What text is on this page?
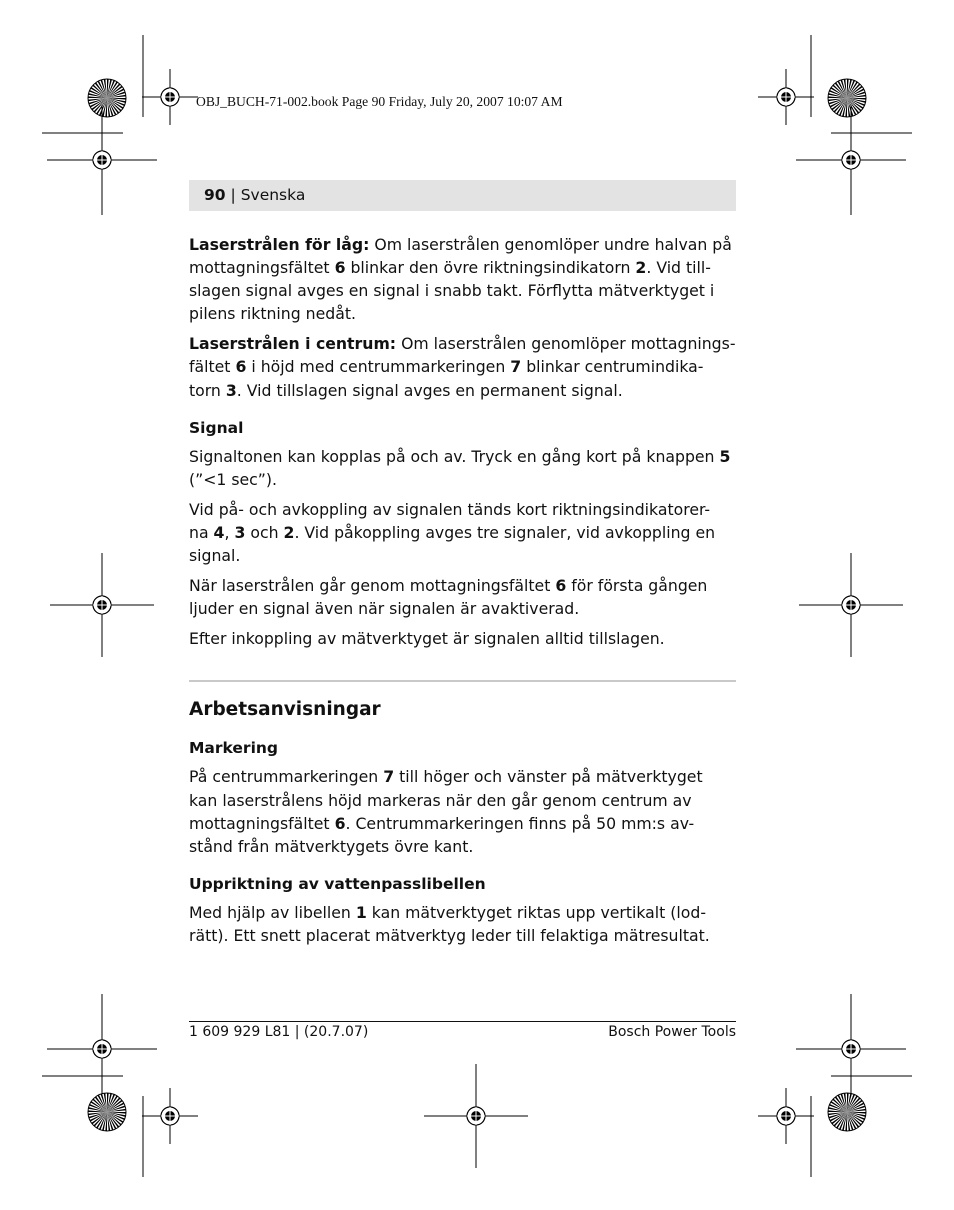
OBJ_BUCH-71-002.book Page 90 Friday, July 20, 2007 10:07 AM
90 | Svenska

Laserstrålen för låg: Om laserstrålen genomlöper undre halvan på
mottagningsfältet 6 blinkar den övre riktningsindikatorn 2. Vid till-
slagen signal avges en signal i snabb takt. Förflytta mätverktyget i
pilens riktning nedåt.

Laserstrålen i centrum: Om laserstrålen genomlöper mottagnings-
fältet 6 i höjd med centrummarkeringen 7 blinkar centrumindika-
torn 3. Vid tillslagen signal avges en permanent signal.

Signal

Signaltonen kan kopplas på och av. Tryck en gång kort på knappen 5
(”<1 sec”).

Vid på- och avkoppling av signalen tänds kort riktningsindikatorer-
na 4, 3 och 2. Vid påkoppling avges tre signaler, vid avkoppling en
signal.

När laserstrålen går genom mottagningsfältet 6 för första gången
ljuder en signal även när signalen är avaktiverad.

Efter inkoppling av mätverktyget är signalen alltid tillslagen.

Arbetsanvisningar
Markering

På centrummarkeringen 7 till höger och vänster på mätverktyget
kan laserstrålens höjd markeras när den går genom centrum av
mottagningsfältet 6. Centrummarkeringen finns på 50 mm:s av-
stånd från mätverktygets övre kant.

Uppriktning av vattenpasslibellen

Med hjälp av libellen 1 kan mätverktyget riktas upp vertikalt (lod-
rätt). Ett snett placerat mätverktyg leder till felaktiga mätresultat.

1 609 929 L81 | (20.7.07)	Bosch Power Tools
